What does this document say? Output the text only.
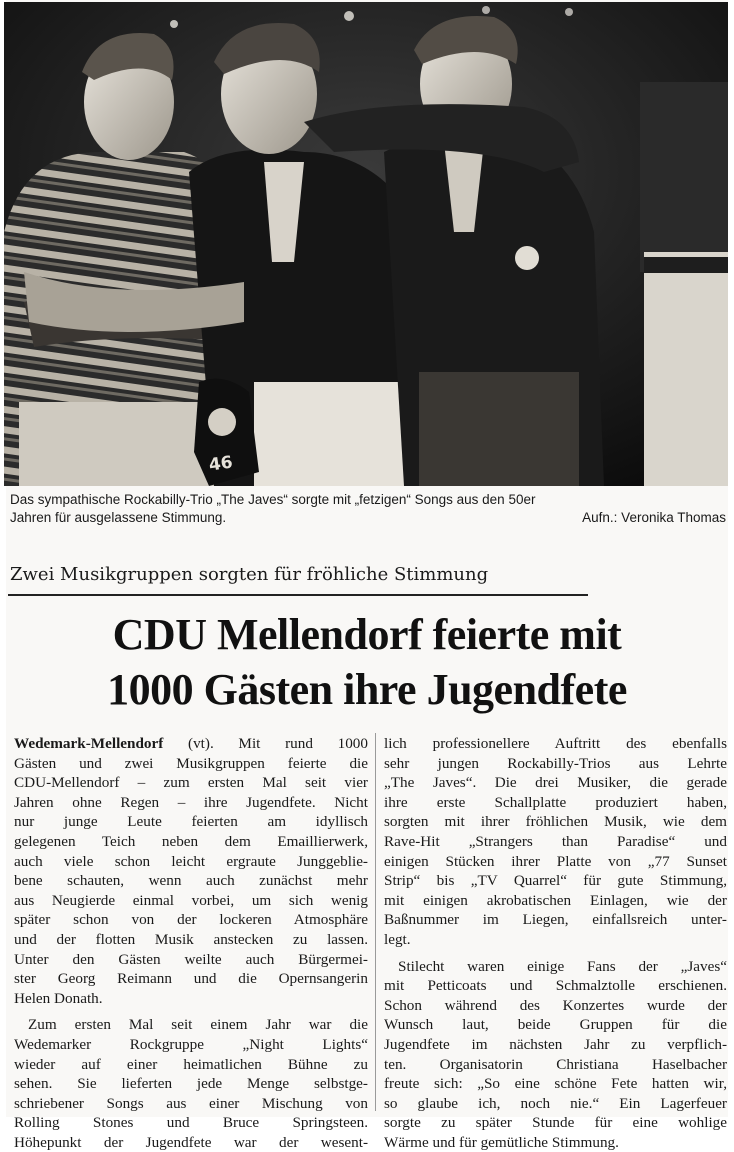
46
Das sympathische Rockabilly-Trio „The Javes“ sorgte mit „fetzigen“ Songs aus den 50er
Jahren für ausgelassene Stimmung.	Aufn.: Veronika Thomas
Zwei Musikgruppen sorgten für fröhliche Stimmung
CDU Mellendorf feierte mit
1000 Gästen ihre Jugendfete
Wedemark-Mellendorf (vt). Mit rund 1000
Gästen und zwei Musikgruppen feierte die
CDU-Mellendorf – zum ersten Mal seit vier
Jahren ohne Regen – ihre Jugendfete. Nicht
nur junge Leute feierten am idyllisch
gelegenen Teich neben dem Emaillierwerk,
auch viele schon leicht ergraute Junggeblie-
bene schauten, wenn auch zunächst mehr
aus Neugierde einmal vorbei, um sich wenig
später schon von der lockeren Atmosphäre
und der flotten Musik anstecken zu lassen.
Unter den Gästen weilte auch Bürgermei-
ster Georg Reimann und die Opernsangerin
Helen Donath.
Zum ersten Mal seit einem Jahr war die
Wedemarker Rockgruppe „Night Lights“
wieder auf einer heimatlichen Bühne zu
sehen. Sie lieferten jede Menge selbstge-
schriebener Songs aus einer Mischung von
Rolling Stones und Bruce Springsteen.
Höhepunkt der Jugendfete war der wesent-
lich professionellere Auftritt des ebenfalls
sehr jungen Rockabilly-Trios aus Lehrte
„The Javes“. Die drei Musiker, die gerade
ihre erste Schallplatte produziert haben,
sorgten mit ihrer fröhlichen Musik, wie dem
Rave-Hit „Strangers than Paradise“ und
einigen Stücken ihrer Platte von „77 Sunset
Strip“ bis „TV Quarrel“ für gute Stimmung,
mit einigen akrobatischen Einlagen, wie der
Baßnummer im Liegen, einfallsreich unter-
legt.
Stilecht waren einige Fans der „Javes“
mit Petticoats und Schmalztolle erschienen.
Schon während des Konzertes wurde der
Wunsch laut, beide Gruppen für die
Jugendfete im nächsten Jahr zu verpflich-
ten. Organisatorin Christiana Haselbacher
freute sich: „So eine schöne Fete hatten wir,
so glaube ich, noch nie.“ Ein Lagerfeuer
sorgte zu später Stunde für eine wohlige
Wärme und für gemütliche Stimmung.
